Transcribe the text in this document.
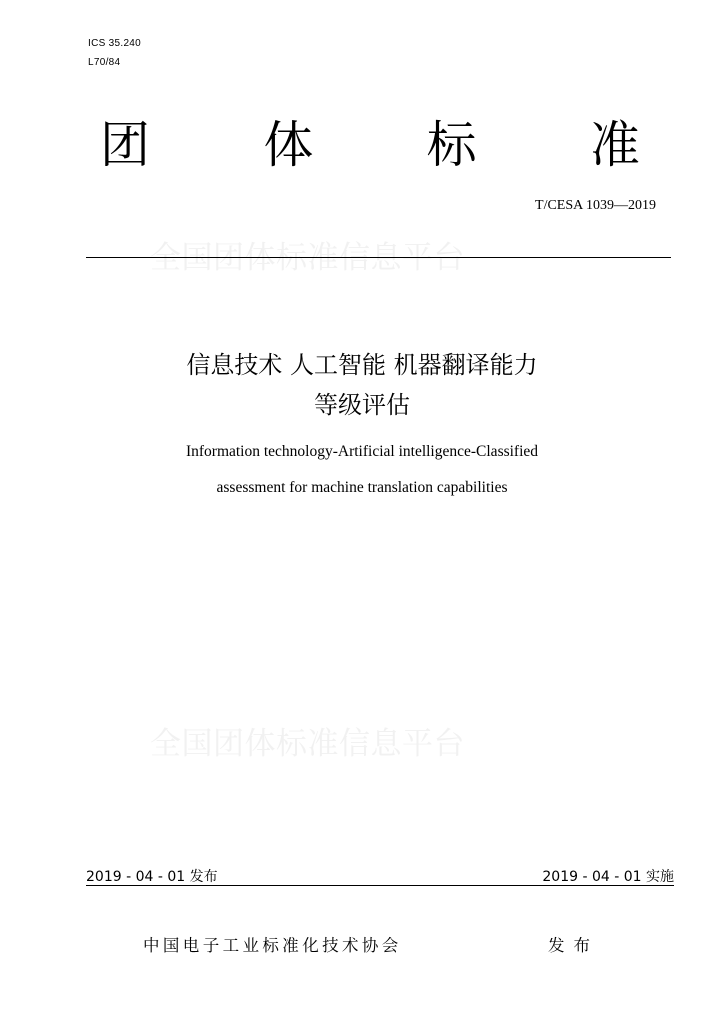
ICS 35.240
L70/84
团 体 标 准
T/CESA 1039—2019
全国团体标准信息平台
信息技术 人工智能 机器翻译能力
等级评估
Information technology-Artificial intelligence-Classified
assessment for machine translation capabilities
全国团体标准信息平台
2019 - 04 - 01 发布	2019 - 04 - 01 实施
中国电子工业标准化技术协会	发布
